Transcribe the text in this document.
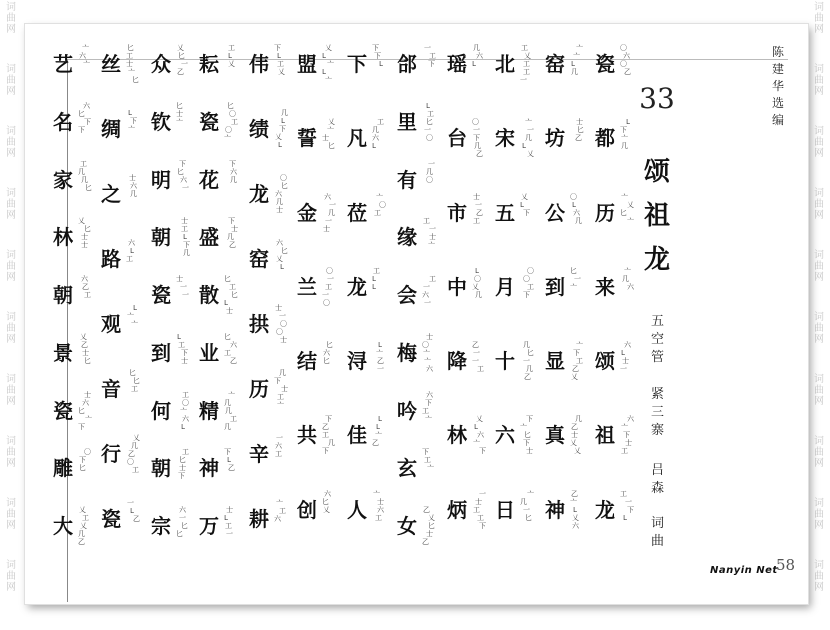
词
曲
网
词
曲
网
词
曲
网
词
曲
网
词
曲
网
词
曲
网
词
曲
网
词
曲
网
词
曲
网
词
曲
网
词
曲
网
词
曲
网
词
曲
网
词
曲
网
词
曲
网
词
曲
网
词
曲
网
词
曲
网
词
曲
网
词
曲
网
瓷
〇
六
〇
乙
都
L
下
亠
几
历
亠
乂
匕
亠
来
亠
几
六
颂
六
L
士
一
祖
六
亠
下
士
工
龙
工
一
下
L
窑
亠
亠
L
几
坊
士
匕
乙
公
〇
L
六
几
到
匕
一
亠
显
亠
下
工
乙
乂
真
几
乙
士
乂
乂
神
乙
亠
L
乂
六
北
工
乂
工
工
一
宋
亠
一
几
L
乂
五
乂
L
下
月
〇
〇
工
下
十
几
匕
一
几
乙
六
下
亠
匕
下
士
日
亠
几
一
匕
瑶
几
六
L
台
〇
一
下
几
乙
市
士
一
乙
工
中
L
〇
乂
几
降
乙
一
一
工
林
乂
L
六
亠
下
炳
一
士
工
工
下
郃
一
工
下
里
L
工
匕
一
〇
有
一
几
〇
缘
工
一
士
亠
会
工
一
六
一
梅
士
〇
亠
亠
六
吟
六
下
工
亠
玄
下
工
亠
女
乙
乂
匕
士
乙
下
下
下
L
凡
工
几
六
L
莅
亠
〇
工
龙
工
L
L
浔
L
亠
乙
一
佳
L
L
亠
乙
人
亠
士
六
工
盟
乂
L
亠
L
亠
誓
乂
亠
士
匕
金
六
一
几
一
士
兰
〇
一
工
一
〇
结
匕
六
匕
共
下
乙
工
几
下
创
六
匕
乂
伟
下
L
工
乂
绩
几
L
下
乂
L
龙
〇
匕
六
几
士
窑
六
匕
乂
L
拱
士
一
〇
〇
士
历
几
下
士
工
亠
辛
一
六
工
耕
亠
工
六
耘
工
L
乂
瓷
匕
〇
工
〇
亠
花
下
六
几
盛
下
士
几
乙
散
匕
工
匕
L
士
业
匕
六
工
乙
精
亠
几
几
工
几
神
下
L
乙
万
士
L
工
一
众
乂
匕
一
乙
钦
匕
士
亠
明
下
匕
六
一
朝
士
工
L
下
几
瓷
士
一
一
到
L
工
下
士
何
工
〇
亠
六
L
朝
工
匕
士
下
宗
六
一
匕
匕
丝
匕
工
士
亠
匕
绸
L
下
亠
之
士
六
几
路
六
L
工
观
L
亠
亠
音
匕
匕
工
行
乂
几
乙
〇
工
瓷
一
L
乙
艺
亠
六
亠
名
六
匕
下
下
家
工
几
几
匕
林
乂
匕
士
士
朝
六
乙
工
景
乂
乙
士
匕
瓷
士
六
匕
亠
下
雕
〇
下
匕
大
乂
工
乂
几
乙
33
颂
祖
龙
五
空
管
紧
三
寨
吕
森
词
曲
陈
建
华
选
编
Nanyin Net
58
